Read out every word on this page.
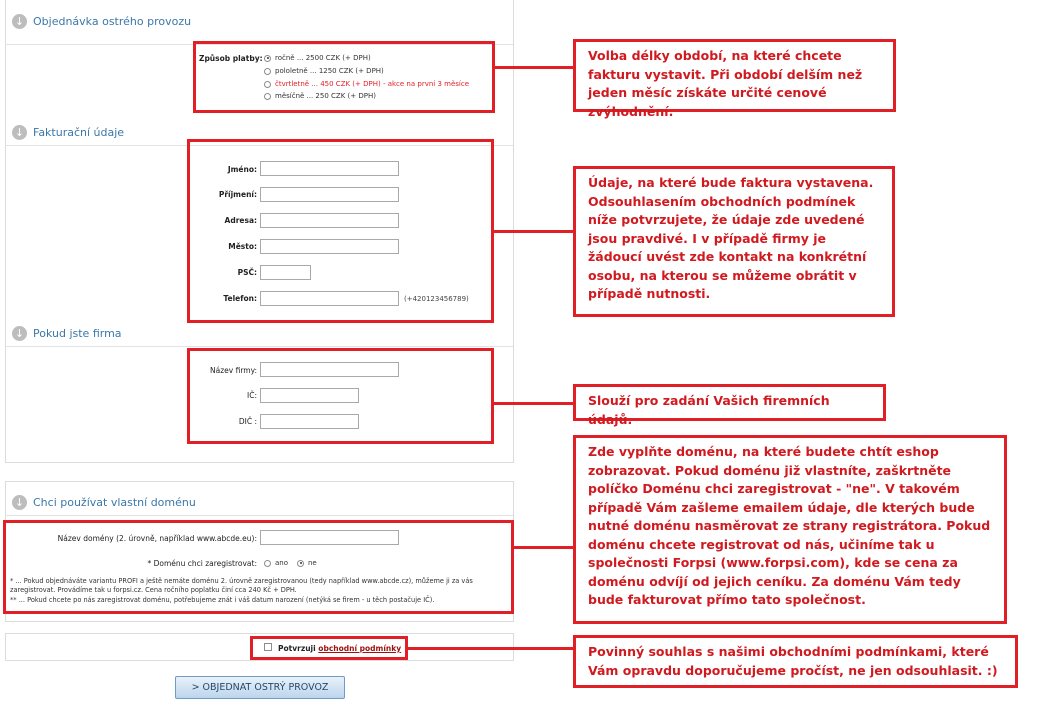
↓ Objednávka ostrého provozu
↓ Fakturační údaje
↓ Pokud jste firma
↓ Chci používat vlastní doménu
Způsob platby: ročně ... 2500 CZK (+ DPH)
pololetně ... 1250 CZK (+ DPH)
čtvrtletně ... 450 CZK (+ DPH) - akce na první 3 měsíce
měsíčně ... 250 CZK (+ DPH)
Jméno:
Příjmení:
Adresa:
Město:
PSČ:
Telefon:	(+420123456789)
Název firmy:
IČ:
DIČ :
Název domény (2. úrovně, například www.abcde.eu):
* Doménu chci zaregistrovat:	ano	ne
* ... Pokud objednáváte variantu PROFI a ještě nemáte doménu 2. úrovně zaregistrovanou (tedy například www.abcde.cz), můžeme ji za vás zaregistrovat. Provádíme tak u forpsi.cz. Cena ročního poplatku činí cca 240 Kč + DPH.
** ... Pokud chcete po nás zaregistrovat doménu, potřebujeme znát i váš datum narození (netýká se firem - u těch postačuje IČ).
Potvrzuji obchodní podmínky
> OBJEDNAT OSTRÝ PROVOZ
Volba délky období, na které chcete fakturu vystavit. Při období delším než jeden měsíc získáte určité cenové zvýhodnění.
Údaje, na které bude faktura vystavena. Odsouhlasením obchodních podmínek níže potvrzujete, že údaje zde uvedené jsou pravdivé. I v případě firmy je žádoucí uvést zde kontakt na konkrétní osobu, na kterou se můžeme obrátit v případě nutnosti.
Slouží pro zadání Vašich firemních údajů.
Zde vyplňte doménu, na které budete chtít eshop zobrazovat. Pokud doménu již vlastníte, zaškrtněte políčko Doménu chci zaregistrovat - "ne". V takovém případě Vám zašleme emailem údaje, dle kterých bude nutné doménu nasměrovat ze strany registrátora. Pokud doménu chcete registrovat od nás, učiníme tak u společnosti Forpsi (www.forpsi.com), kde se cena za doménu odvíjí od jejich ceníku. Za doménu Vám tedy bude fakturovat přímo tato společnost.
Povinný souhlas s našimi obchodními podmínkami, které Vám opravdu doporučujeme pročíst, ne jen odsouhlasit. :)
